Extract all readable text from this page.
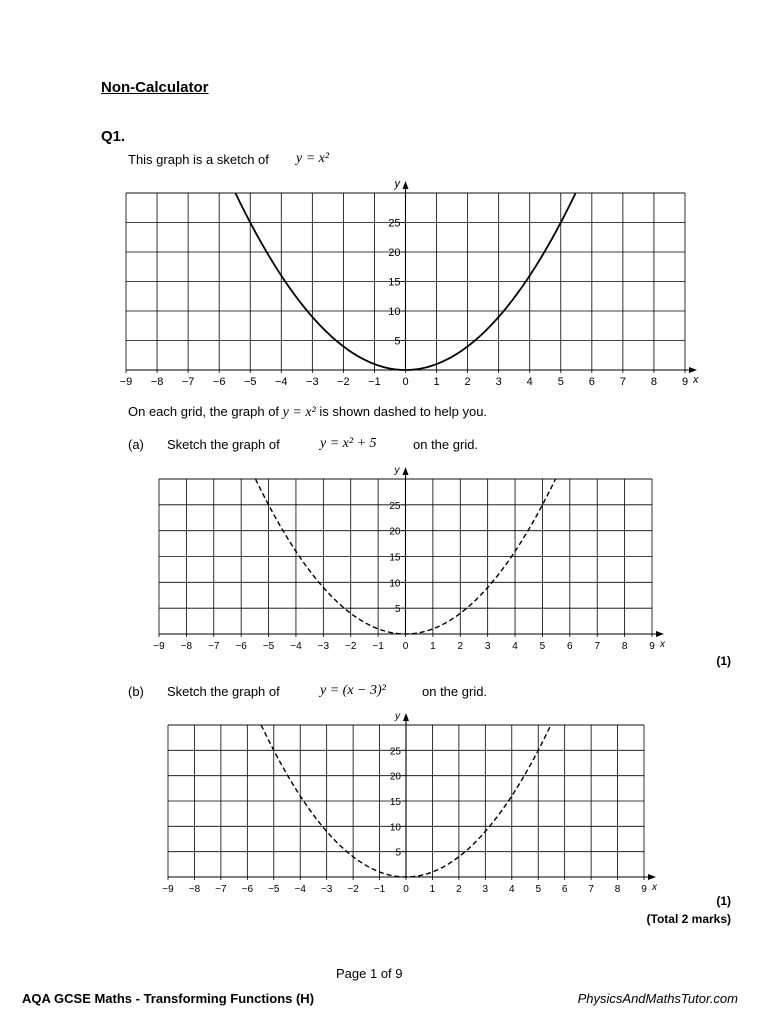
Non-Calculator
Q1.
This graph is a sketch of y = x²
x
y
−9 −8 −7 −6 −5 −4 −3 −2 −1 0 1 2 3 4 5 6 7 8 9
5
10
15
20
25
On each grid, the graph of y = x² is shown dashed to help you.
(a) Sketch the graph of	y = x² + 5	on the grid.
x
y
−9 −8 −7 −6 −5 −4 −3 −2 −1 0 1 2 3 4 5 6 7 8 9
5
10
15
20
25
(1)
(b) Sketch the graph of	y = (x − 3)²	on the grid.
x
y
−9 −8 −7 −6 −5 −4 −3 −2 −1 0 1 2 3 4 5 6 7 8 9
5
10
15
20
25
(1)
(Total 2 marks)
Page 1 of 9
AQA GCSE Maths - Transforming Functions (H)	PhysicsAndMathsTutor.com
